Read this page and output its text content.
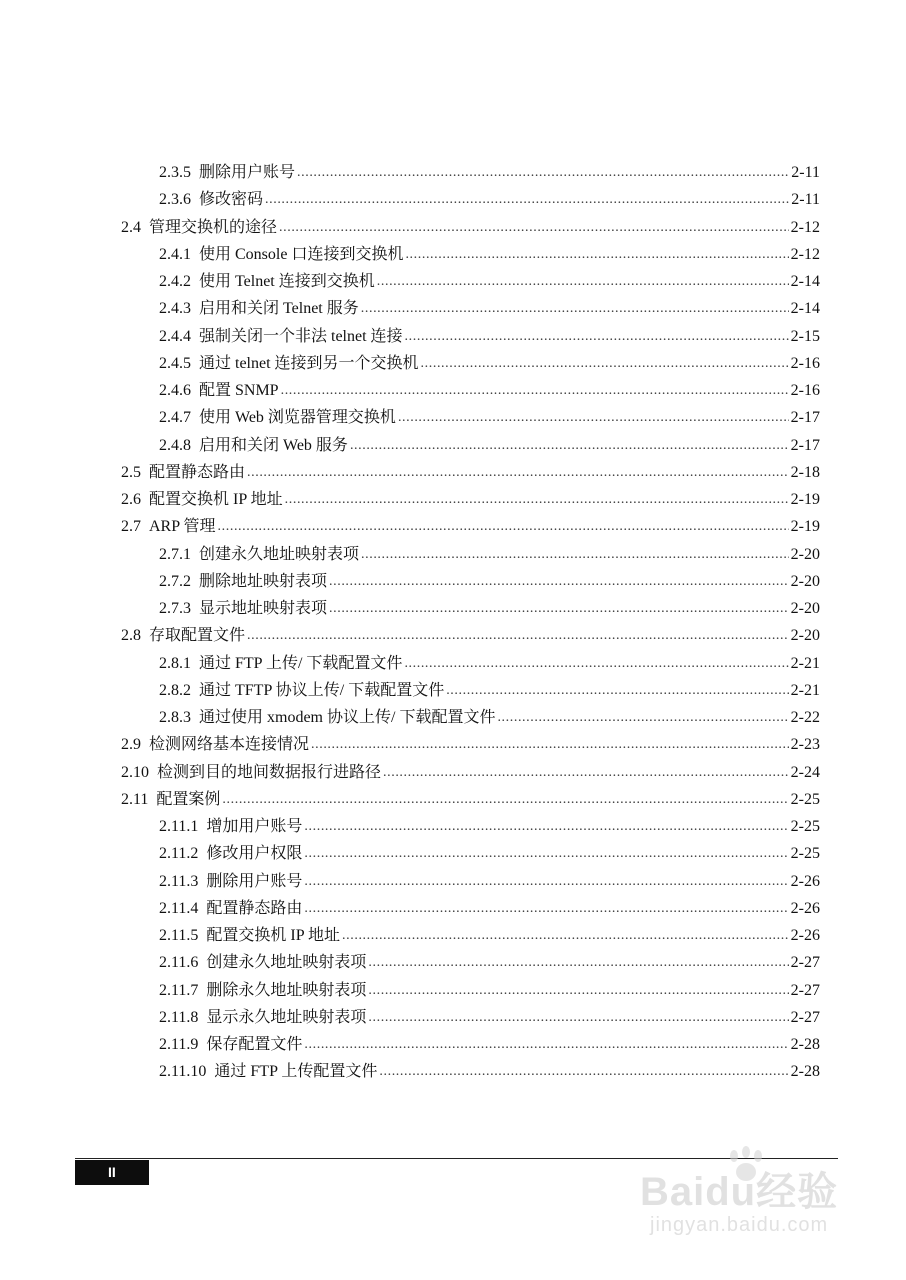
2.3.5 删除用户账号 .....	2-11
2.3.6 修改密码 .....	2-11
2.4 管理交换机的途径 .....	2-12
2.4.1 使用 Console 口连接到交换机 .....	2-12
2.4.2 使用 Telnet 连接到交换机 .....	2-14
2.4.3 启用和关闭 Telnet 服务 .....	2-14
2.4.4 强制关闭一个非法 telnet 连接 .....	2-15
2.4.5 通过 telnet 连接到另一个交换机 .....	2-16
2.4.6 配置 SNMP .....	2-16
2.4.7 使用 Web 浏览器管理交换机 .....	2-17
2.4.8 启用和关闭 Web 服务 .....	2-17
2.5 配置静态路由 .....	2-18
2.6 配置交换机 IP 地址 .....	2-19
2.7 ARP 管理 .....	2-19
2.7.1 创建永久地址映射表项 .....	2-20
2.7.2 删除地址映射表项 .....	2-20
2.7.3 显示地址映射表项 .....	2-20
2.8 存取配置文件 .....	2-20
2.8.1 通过 FTP 上传/ 下载配置文件 .....	2-21
2.8.2 通过 TFTP 协议上传/ 下载配置文件 .....	2-21
2.8.3 通过使用 xmodem 协议上传/ 下载配置文件 .....	2-22
2.9 检测网络基本连接情况 .....	2-23
2.10 检测到目的地间数据报行进路径 .....	2-24
2.11 配置案例 .....	2-25
2.11.1 增加用户账号 .....	2-25
2.11.2 修改用户权限 .....	2-25
2.11.3 删除用户账号 .....	2-26
2.11.4 配置静态路由 .....	2-26
2.11.5 配置交换机 IP 地址 .....	2-26
2.11.6 创建永久地址映射表项 .....	2-27
2.11.7 删除永久地址映射表项 .....	2-27
2.11.8 显示永久地址映射表项 .....	2-27
2.11.9 保存配置文件 .....	2-28
2.11.10 通过 FTP 上传配置文件 .....	2-28
II	Baidu经验
jingyan.baidu.com
